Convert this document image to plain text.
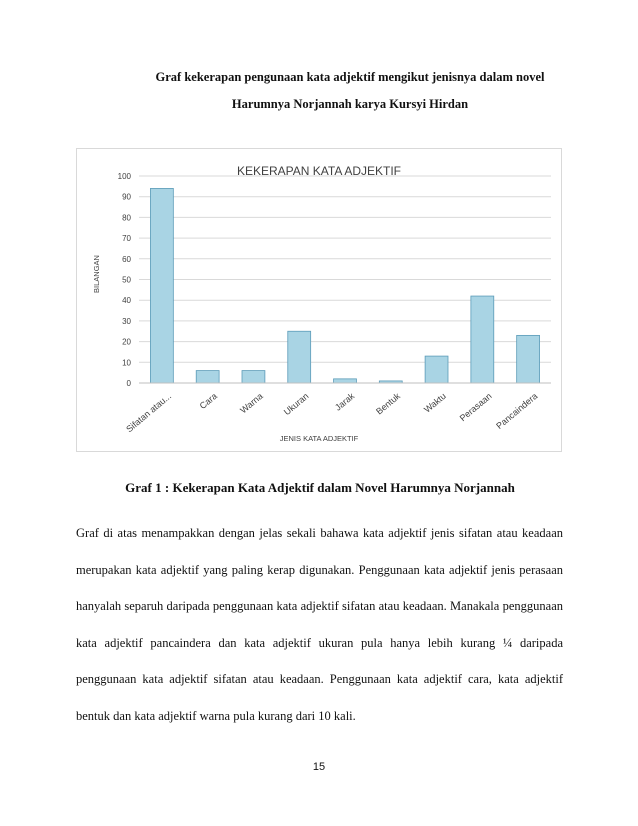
Graf kekerapan pengunaan kata adjektif mengikut jenisnya dalam novel
Harumnya Norjannah karya Kursyi Hirdan
0
10
20
30
40
50
60
70
80
90
100
Sifatan atau...	Cara Warna Ukuran Jarak Bentuk Waktu Perasaan Pancaindera
KEKERAPAN KATA ADJEKTIF
JENIS KATA ADJEKTIF
BILANGAN
Graf 1 : Kekerapan Kata Adjektif dalam Novel Harumnya Norjannah

Graf di atas menampakkan dengan jelas sekali bahawa kata adjektif jenis sifatan atau keadaan merupakan kata adjektif yang paling kerap digunakan. Penggunaan kata adjektif jenis perasaan hanyalah separuh daripada penggunaan kata adjektif sifatan atau keadaan. Manakala penggunaan kata adjektif pancaindera dan kata adjektif ukuran pula hanya lebih kurang ¼ daripada penggunaan kata adjektif sifatan atau keadaan. Penggunaan kata adjektif cara, kata adjektif bentuk dan kata adjektif warna pula kurang dari 10 kali.

15
